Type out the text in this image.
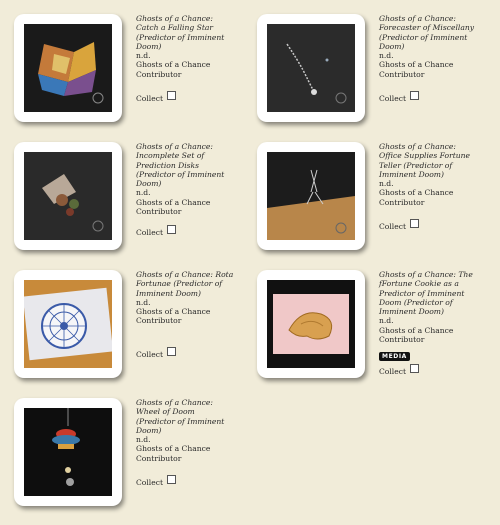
Ghosts of a Chance: Catch a Falling Star (Predictor of Imminent Doom)
n.d.
Ghosts of a Chance Contributor
Collect
Ghosts of a Chance: Forecaster of Miscellany (Predictor of Imminent Doom)
n.d.
Ghosts of a Chance Contributor
Collect
Ghosts of a Chance: Incomplete Set of Prediction Disks (Predictor of Imminent Doom)
n.d.
Ghosts of a Chance Contributor
Collect
Ghosts of a Chance: Office Supplies Fortune Teller (Predictor of Imminent Doom)
n.d.
Ghosts of a Chance Contributor
Collect
Ghosts of a Chance: Rota Fortunae (Predictor of Imminent Doom)
n.d.
Ghosts of a Chance Contributor
Collect
Ghosts of a Chance: The fFortune Cookie as a Predictor of Imminent Doom (Predictor of Imminent Doom)
n.d.
Ghosts of a Chance Contributor
MEDIA
Collect
Ghosts of a Chance: Wheel of Doom (Predictor of Imminent Doom)
n.d.
Ghosts of a Chance Contributor
Collect
